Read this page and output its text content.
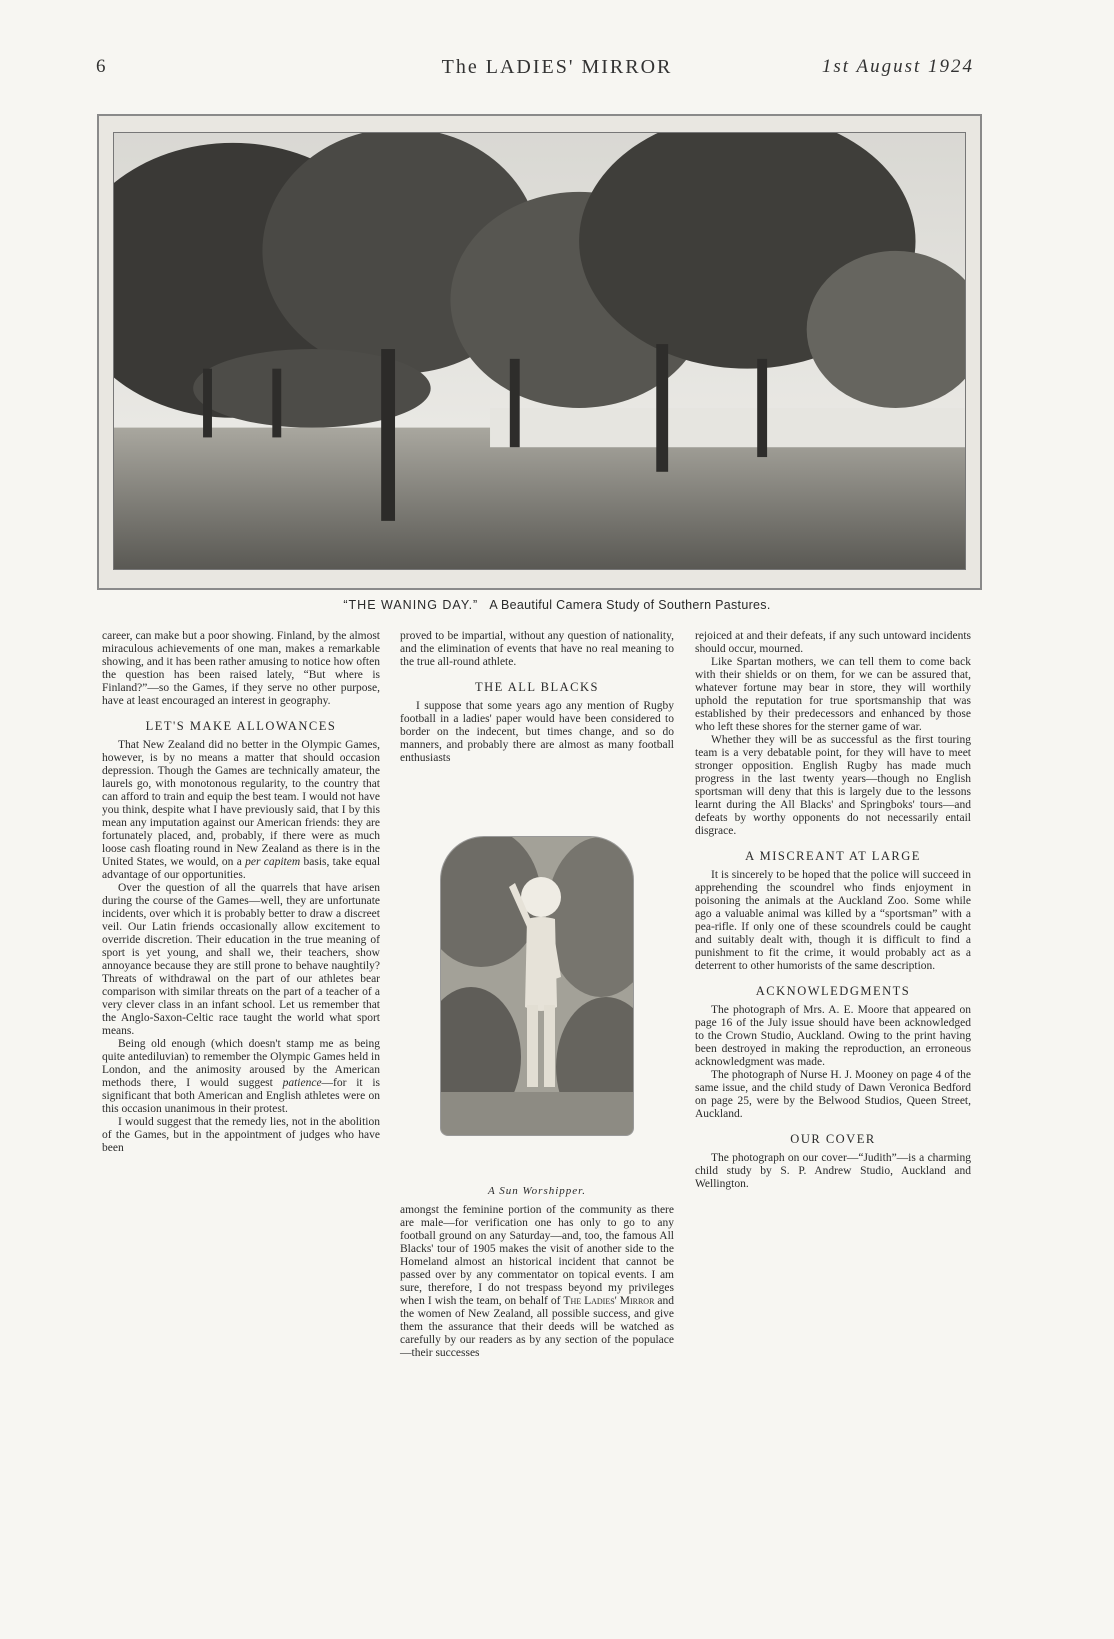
6	The LADIES' MIRROR	1st August 1924
“THE WANING DAY.” A Beautiful Camera Study of Southern Pastures.

career, can make but a poor showing. Finland, by the almost miraculous achievements of one man, makes a remarkable showing, and it has been rather amusing to notice how often the question has been raised lately, “But where is Finland?”—so the Games, if they serve no other purpose, have at least encouraged an interest in geography.

LET'S MAKE ALLOWANCES

That New Zealand did no better in the Olympic Games, however, is by no means a matter that should occasion depression. Though the Games are technically amateur, the laurels go, with monotonous regularity, to the country that can afford to train and equip the best team. I would not have you think, despite what I have previously said, that I by this mean any imputation against our American friends: they are fortunately placed, and, probably, if there were as much loose cash floating round in New Zealand as there is in the United States, we would, on a per capitem basis, take equal advantage of our opportunities.

Over the question of all the quarrels that have arisen during the course of the Games—well, they are unfortunate incidents, over which it is probably better to draw a discreet veil. Our Latin friends occasionally allow excitement to override discretion. Their education in the true meaning of sport is yet young, and shall we, their teachers, show annoyance because they are still prone to behave naughtily? Threats of withdrawal on the part of our athletes bear comparison with similar threats on the part of a teacher of a very clever class in an infant school. Let us remember that the Anglo-Saxon-Celtic race taught the world what sport means.

Being old enough (which doesn't stamp me as being quite antediluvian) to remember the Olympic Games held in London, and the animosity aroused by the American methods there, I would suggest patience—for it is significant that both American and English athletes were on this occasion unanimous in their protest.

I would suggest that the remedy lies, not in the abolition of the Games, but in the appointment of judges who have been

proved to be impartial, without any question of nationality, and the elimination of events that have no real meaning to the true all-round athlete.

THE ALL BLACKS

I suppose that some years ago any mention of Rugby football in a ladies' paper would have been considered to border on the indecent, but times change, and so do manners, and probably there are almost as many football enthusiasts

A Sun Worshipper.

amongst the feminine portion of the community as there are male—for verification one has only to go to any football ground on any Saturday—and, too, the famous All Blacks' tour of 1905 makes the visit of another side to the Homeland almost an historical incident that cannot be passed over by any commentator on topical events. I am sure, therefore, I do not trespass beyond my privileges when I wish the team, on behalf of The Ladies' Mirror and the women of New Zealand, all possible success, and give them the assurance that their deeds will be watched as carefully by our readers as by any section of the populace—their successes

rejoiced at and their defeats, if any such untoward incidents should occur, mourned.

Like Spartan mothers, we can tell them to come back with their shields or on them, for we can be assured that, whatever fortune may bear in store, they will worthily uphold the reputation for true sportsmanship that was established by their predecessors and enhanced by those who left these shores for the sterner game of war.

Whether they will be as successful as the first touring team is a very debatable point, for they will have to meet stronger opposition. English Rugby has made much progress in the last twenty years—though no English sportsman will deny that this is largely due to the lessons learnt during the All Blacks' and Springboks' tours—and defeats by worthy opponents do not necessarily entail disgrace.

A MISCREANT AT LARGE

It is sincerely to be hoped that the police will succeed in apprehending the scoundrel who finds enjoyment in poisoning the animals at the Auckland Zoo. Some while ago a valuable animal was killed by a “sportsman” with a pea-rifle. If only one of these scoundrels could be caught and suitably dealt with, though it is difficult to find a punishment to fit the crime, it would probably act as a deterrent to other humorists of the same description.

ACKNOWLEDGMENTS

The photograph of Mrs. A. E. Moore that appeared on page 16 of the July issue should have been acknowledged to the Crown Studio, Auckland. Owing to the print having been destroyed in making the reproduction, an erroneous acknowledgment was made.

The photograph of Nurse H. J. Mooney on page 4 of the same issue, and the child study of Dawn Veronica Bedford on page 25, were by the Belwood Studios, Queen Street, Auckland.

OUR COVER

The photograph on our cover—“Judith”—is a charming child study by S. P. Andrew Studio, Auckland and Wellington.
